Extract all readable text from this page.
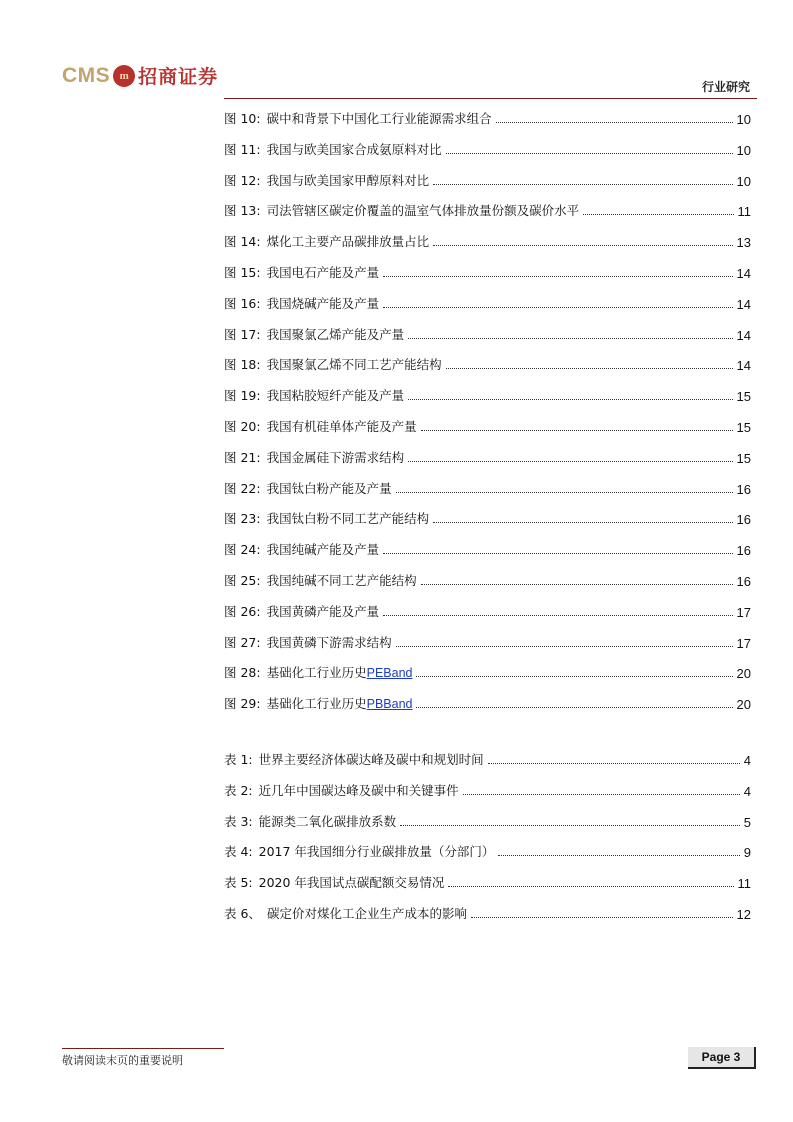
CMS m 招商证券	行业研究
图 10: 碳中和背景下中国化工行业能源需求组合	10
图 11: 我国与欧美国家合成氨原料对比	10
图 12: 我国与欧美国家甲醇原料对比	10
图 13: 司法管辖区碳定价覆盖的温室气体排放量份额及碳价水平	11
图 14: 煤化工主要产品碳排放量占比	13
图 15: 我国电石产能及产量	14
图 16: 我国烧碱产能及产量	14
图 17: 我国聚氯乙烯产能及产量	14
图 18: 我国聚氯乙烯不同工艺产能结构	14
图 19: 我国粘胶短纤产能及产量	15
图 20: 我国有机硅单体产能及产量	15
图 21: 我国金属硅下游需求结构	15
图 22: 我国钛白粉产能及产量	16
图 23: 我国钛白粉不同工艺产能结构	16
图 24: 我国纯碱产能及产量	16
图 25: 我国纯碱不同工艺产能结构	16
图 26: 我国黄磷产能及产量	17
图 27: 我国黄磷下游需求结构	17
图 28: 基础化工行业历史PEBand	20
图 29: 基础化工行业历史PBBand	20
表 1: 世界主要经济体碳达峰及碳中和规划时间	4
表 2: 近几年中国碳达峰及碳中和关键事件	4
表 3: 能源类二氧化碳排放系数	5
表 4: 2017 年我国细分行业碳排放量（分部门）	9
表 5: 2020 年我国试点碳配额交易情况	11
表 6、 碳定价对煤化工企业生产成本的影响	12
敬请阅读末页的重要说明	Page 3
